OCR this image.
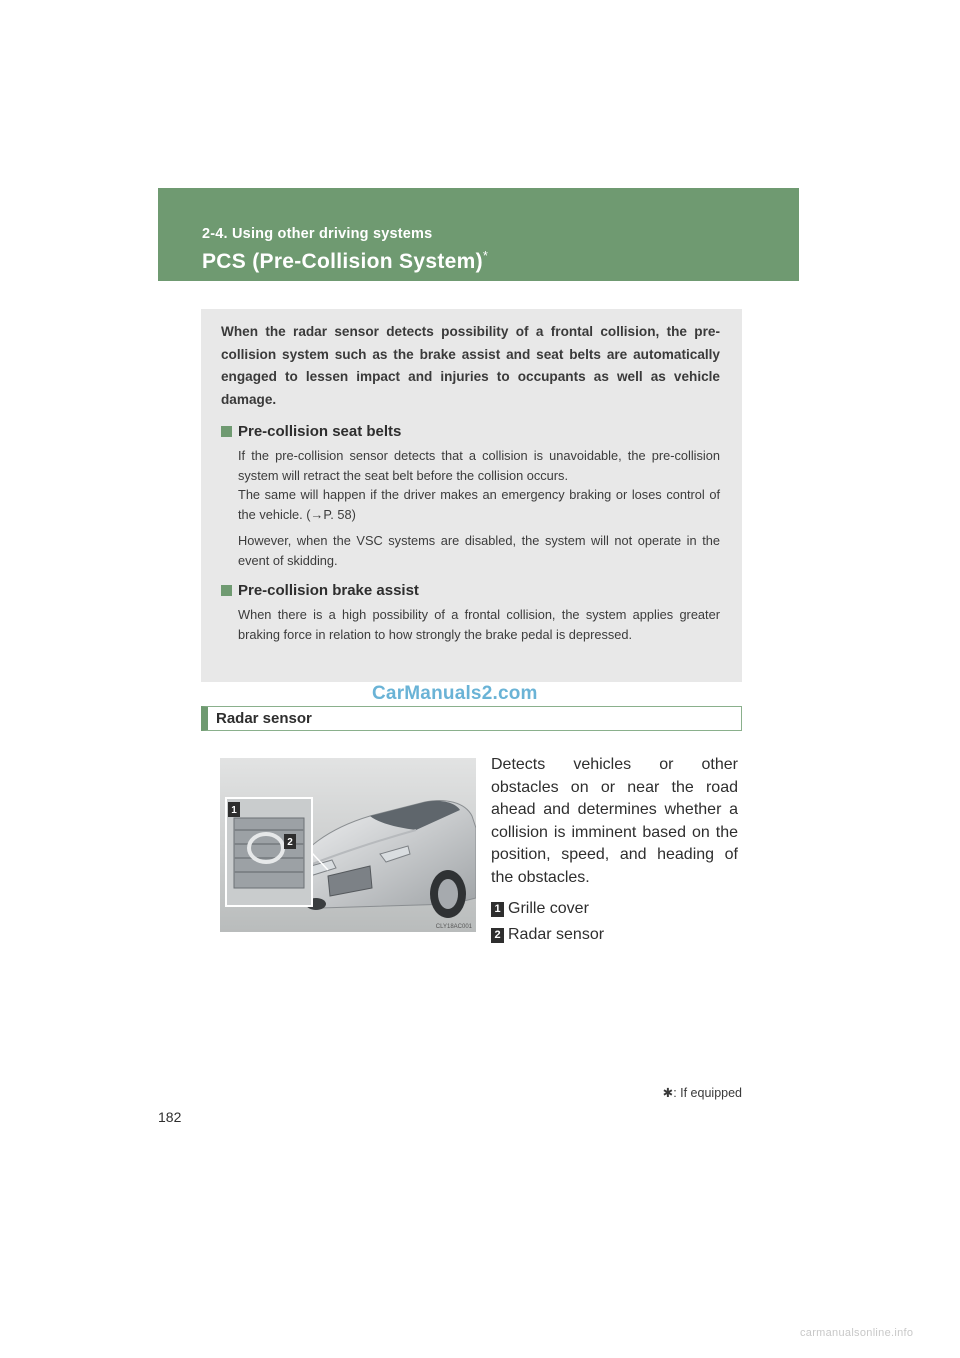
2-4. Using other driving systems
PCS (Pre-Collision System)*

When the radar sensor detects possibility of a frontal collision, the pre-collision system such as the brake assist and seat belts are automatically engaged to lessen impact and injuries to occupants as well as vehicle damage.

Pre-collision seat belts

If the pre-collision sensor detects that a collision is unavoidable, the pre-collision system will retract the seat belt before the collision occurs.

The same will happen if the driver makes an emergency braking or loses control of the vehicle. (→P. 58)

However, when the VSC systems are disabled, the system will not operate in the event of skidding.

Pre-collision brake assist

When there is a high possibility of a frontal collision, the system applies greater braking force in relation to how strongly the brake pedal is depressed.

CarManuals2.com
Radar sensor
1
2
CLY18AC001

Detects vehicles or other obstacles on or near the road ahead and determines whether a collision is imminent based on the position, speed, and heading of the obstacles.

1 Grille cover
2 Radar sensor
✱: If equipped
182
carmanualsonline.info
